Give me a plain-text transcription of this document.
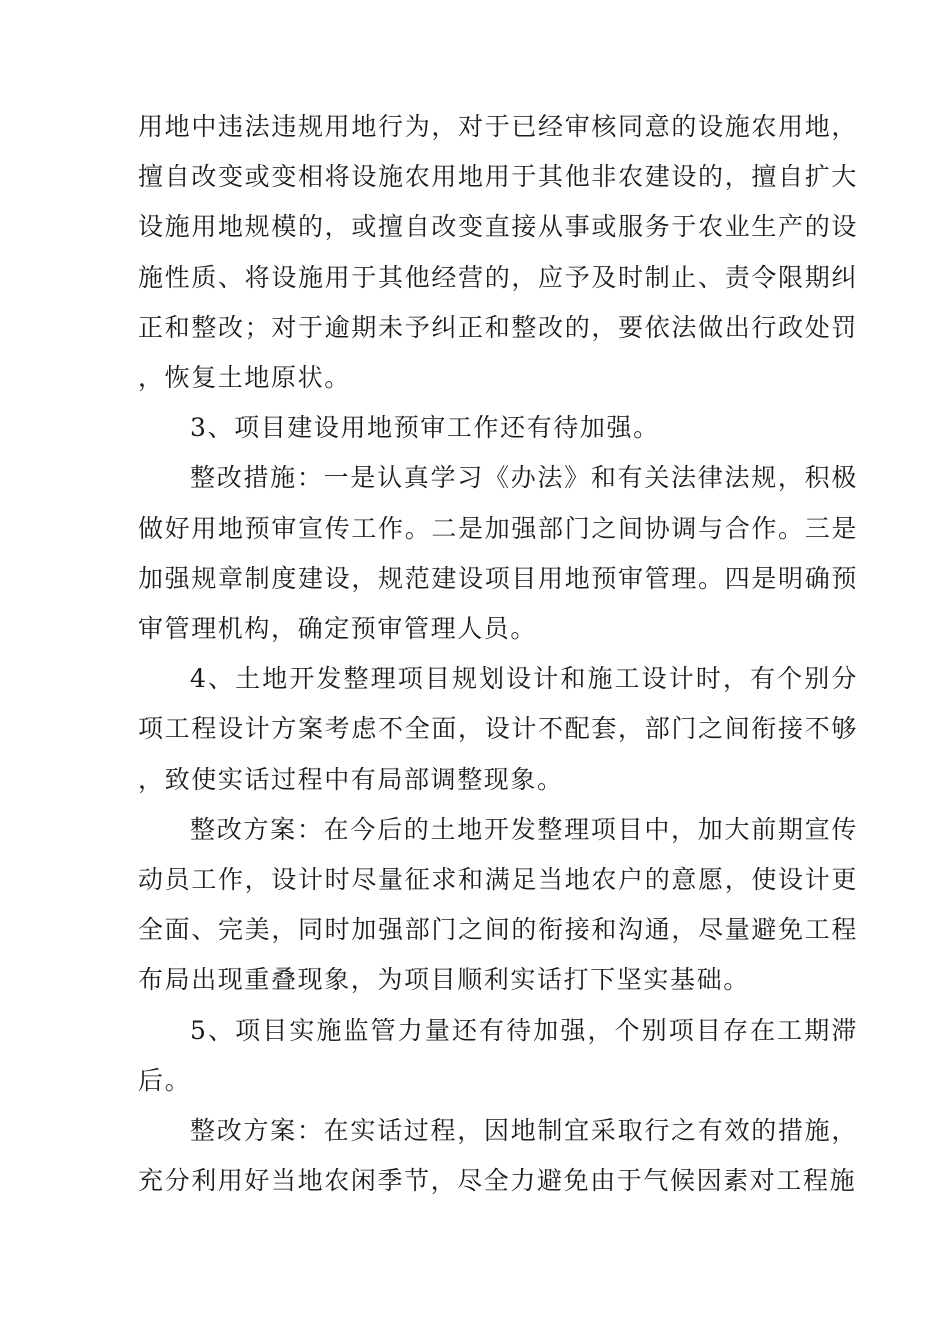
用地中违法违规用地行为，对于已经审核同意的设施农用地，擅自改变或变相将设施农用地用于其他非农建设的，擅自扩大设施用地规模的，或擅自改变直接从事或服务于农业生产的设施性质、将设施用于其他经营的，应予及时制止、责令限期纠正和整改；对于逾期未予纠正和整改的，要依法做出行政处罚，恢复土地原状。

3、项目建设用地预审工作还有待加强。

整改措施：一是认真学习《办法》和有关法律法规，积极做好用地预审宣传工作。二是加强部门之间协调与合作。三是加强规章制度建设，规范建设项目用地预审管理。四是明确预审管理机构，确定预审管理人员。

4、土地开发整理项目规划设计和施工设计时，有个别分项工程设计方案考虑不全面，设计不配套，部门之间衔接不够，致使实话过程中有局部调整现象。

整改方案：在今后的土地开发整理项目中，加大前期宣传动员工作，设计时尽量征求和满足当地农户的意愿，使设计更全面、完美，同时加强部门之间的衔接和沟通，尽量避免工程布局出现重叠现象，为项目顺利实话打下坚实基础。

5、项目实施监管力量还有待加强，个别项目存在工期滞后。

整改方案：在实话过程，因地制宜采取行之有效的措施，充分利用好当地农闲季节，尽全力避免由于气候因素对工程施
